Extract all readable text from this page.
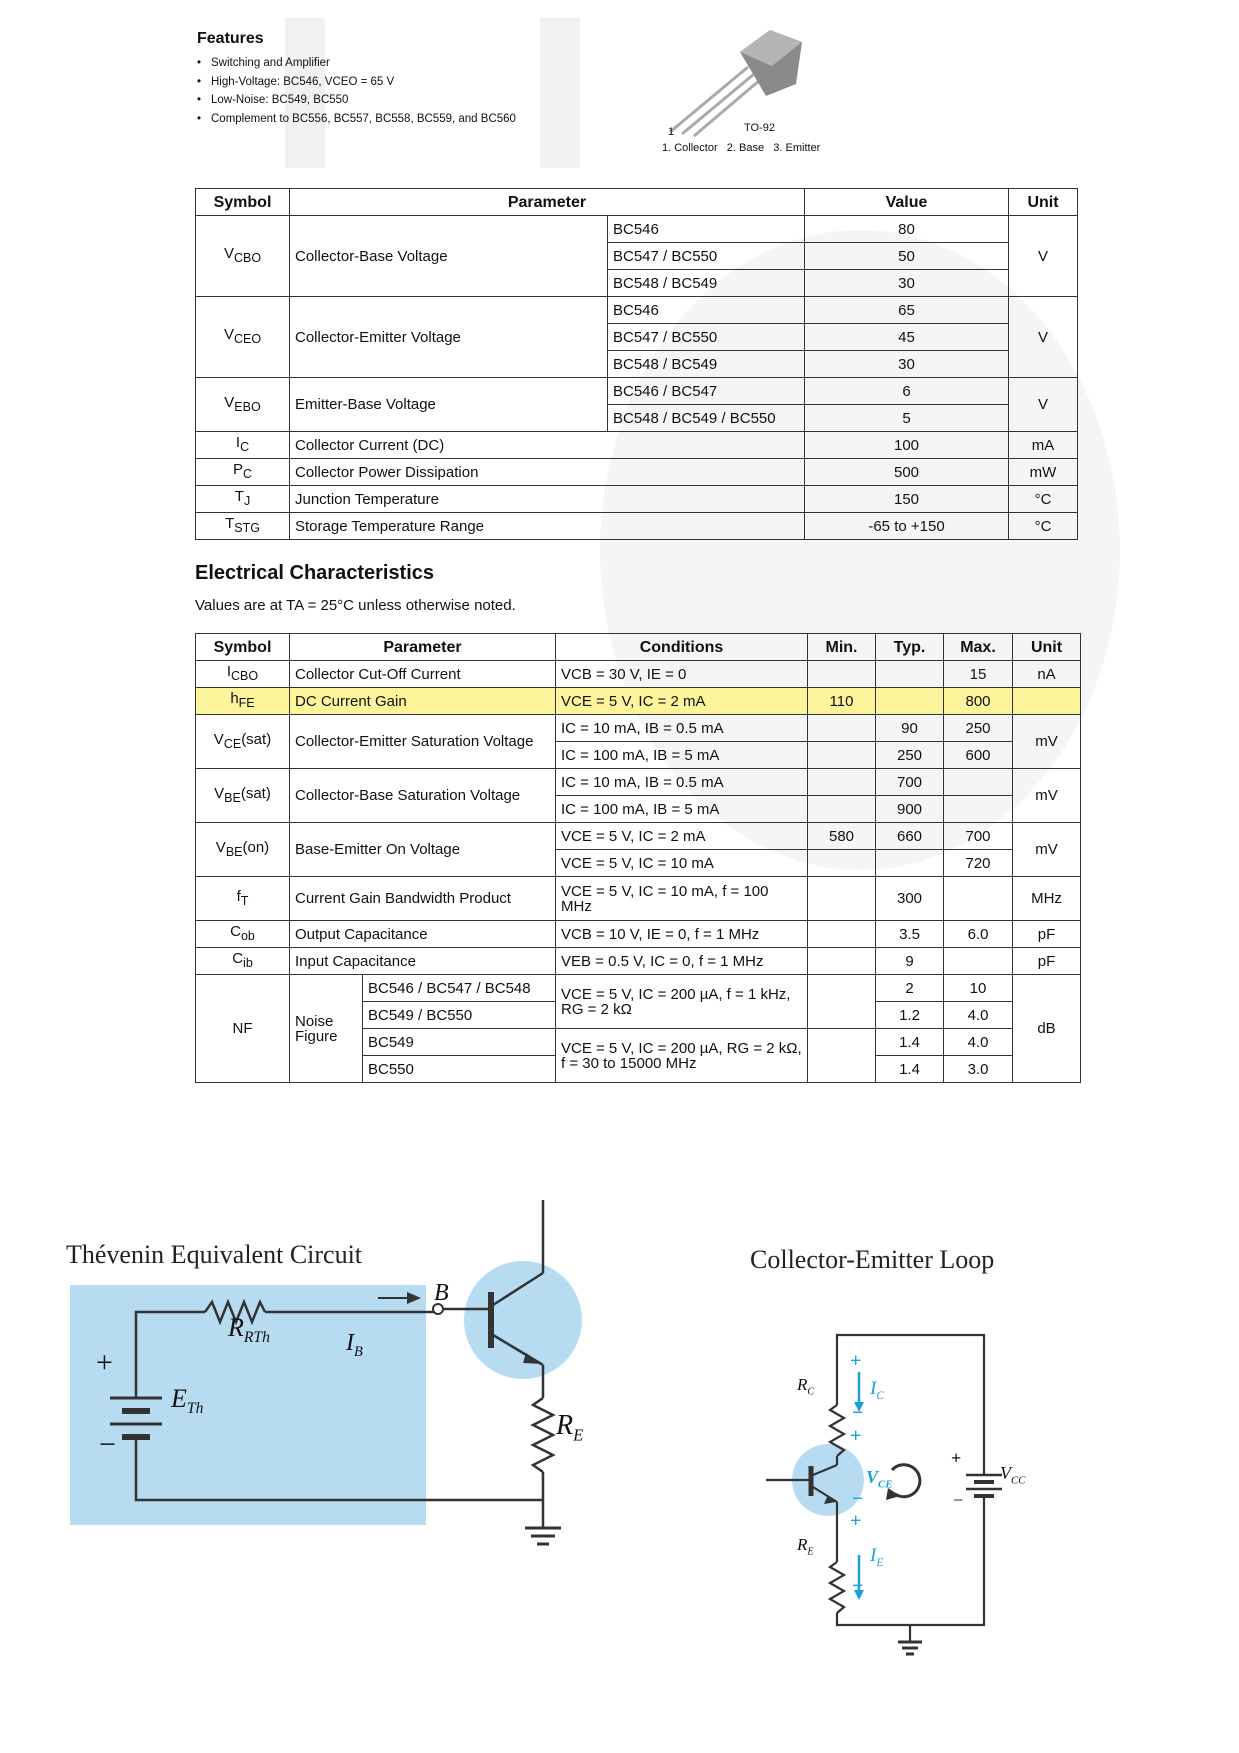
Features
• Switching and Amplifier
• High-Voltage: BC546, VCEO = 65 V
• Low-Noise: BC549, BC550
• Complement to BC556, BC557, BC558, BC559, and BC560
1	TO-92
1. Collector   2. Base   3. Emitter
Symbol	Parameter		Value	Unit
$V_{CBO}$	Collector-Base Voltage	BC546	80	V
		BC547 / BC550	50	
		BC548 / BC549	30	
$V_{CEO}$	Collector-Emitter Voltage	BC546	65	V
		BC547 / BC550	45	
		BC548 / BC549	30	
$V_{EBO}$	Emitter-Base Voltage	BC546 / BC547	6	V
		BC548 / BC549 / BC550	5	
$I_C$	Collector Current (DC)		100	mA
$P_C$	Collector Power Dissipation		500	mW
$T_J$	Junction Temperature		150	°C
$T_{STG}$	Storage Temperature Range		-65 to +150	°C
Electrical Characteristics
Values are at TA = 25°C unless otherwise noted.
Symbol	Parameter		Conditions	Min.	Typ.	Max.	Unit
$I_{CBO}$	Collector Cut-Off Current		VCB = 30 V, IE = 0			15	nA
$h_{FE}$	DC Current Gain		VCE = 5 V, IC = 2 mA	110		800	
$V_{CE}(sat)$	Collector-Emitter Saturation Voltage		IC = 10 mA, IB = 0.5 mA		90	250	mV
			IC = 100 mA, IB = 5 mA		250	600	
$V_{BE}(sat)$	Collector-Base Saturation Voltage		IC = 10 mA, IB = 0.5 mA		700		mV
			IC = 100 mA, IB = 5 mA		900		
$V_{BE}(on)$	Base-Emitter On Voltage		VCE = 5 V, IC = 2 mA	580	660	700	mV
			VCE = 5 V, IC = 10 mA			720	
$f_T$	Current Gain Bandwidth Product		VCE = 5 V, IC = 10 mA, f = 100 MHz		300		MHz
$C_{ob}$	Output Capacitance		VCB = 10 V, IE = 0, f = 1 MHz		3.5	6.0	pF
$C_{ib}$	Input Capacitance		VEB = 0.5 V, IC = 0, f = 1 MHz		9		pF
NF	Noise Figure	BC546 / BC547 / BC548	VCE = 5 V, IC = 200 µA, f = 1 kHz, RG = 2 kΩ		2	10	dB
		BC549 / BC550			1.2	4.0	
		BC549	VCE = 5 V, IC = 200 µA, RG = 2 kΩ, f = 30 to 15000 MHz		1.4	4.0	
		BC550			1.4	3.0	
Thévenin Equivalent Circuit
$R_{RTh}$	$I_B$
$E_{Th}$
B
$R_E$
+
−
Collector-Emitter Loop
$R_C$
$R_E$
$I_C$
$I_E$
$V_{CE}$
$V_{CC}$
+
−
+
−
+
−
+
−
